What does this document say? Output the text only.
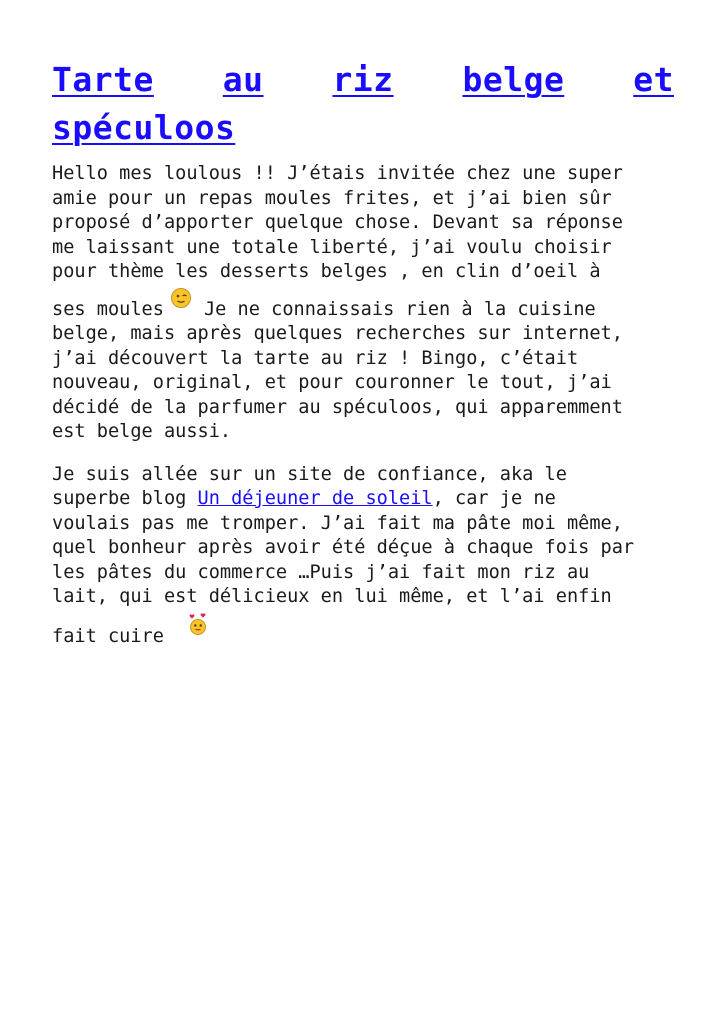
Tarte au riz belge et
spéculoos

Hello mes loulous !! J’étais invitée chez une super
amie pour un repas moules frites, et j’ai bien sûr
proposé d’apporter quelque chose. Devant sa réponse
me laissant une totale liberté, j’ai voulu choisir
pour thème les desserts belges , en clin d’oeil à
ses moules Je ne connaissais rien à la cuisine
belge, mais après quelques recherches sur internet,
j’ai découvert la tarte au riz ! Bingo, c’était
nouveau, original, et pour couronner le tout, j’ai
décidé de la parfumer au spéculoos, qui apparemment
est belge aussi.

Je suis allée sur un site de confiance, aka le
superbe blog Un déjeuner de soleil, car je ne
voulais pas me tromper. J’ai fait ma pâte moi même,
quel bonheur après avoir été déçue à chaque fois par
les pâtes du commerce …Puis j’ai fait mon riz au
lait, qui est délicieux en lui même, et l’ai enfin
fait cuire
